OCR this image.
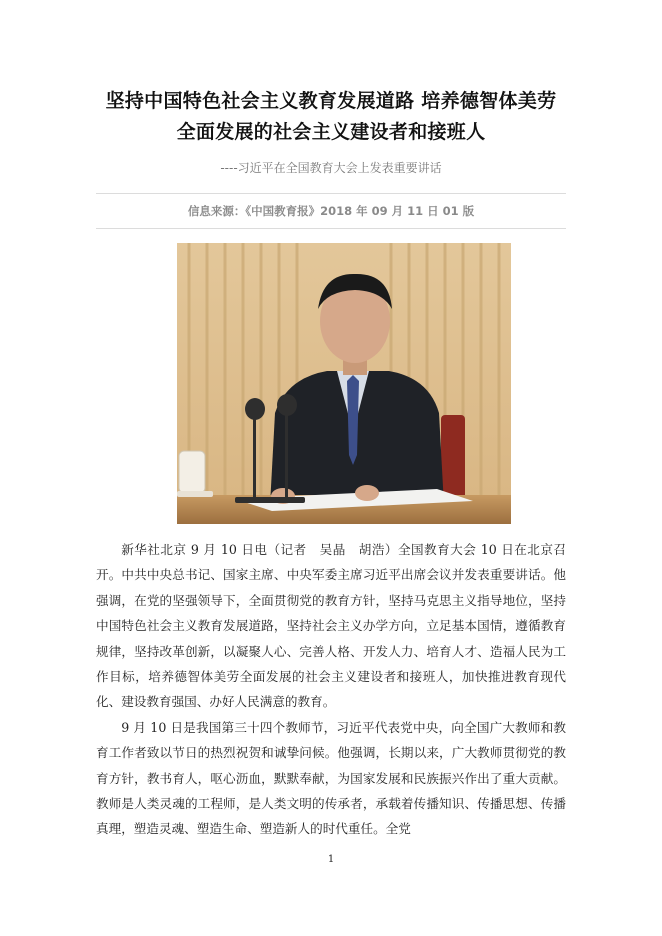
坚持中国特色社会主义教育发展道路 培养德智体美劳全面发展的社会主义建设者和接班人
----习近平在全国教育大会上发表重要讲话
信息来源：《中国教育报》2018 年 09 月 11 日 01 版

新华社北京 9 月 10 日电（记者　吴晶　胡浩）全国教育大会 10 日在北京召开。中共中央总书记、国家主席、中央军委主席习近平出席会议并发表重要讲话。他强调，在党的坚强领导下，全面贯彻党的教育方针，坚持马克思主义指导地位，坚持中国特色社会主义教育发展道路，坚持社会主义办学方向，立足基本国情，遵循教育规律，坚持改革创新，以凝聚人心、完善人格、开发人力、培育人才、造福人民为工作目标，培养德智体美劳全面发展的社会主义建设者和接班人，加快推进教育现代化、建设教育强国、办好人民满意的教育。

9 月 10 日是我国第三十四个教师节，习近平代表党中央，向全国广大教师和教育工作者致以节日的热烈祝贺和诚挚问候。他强调，长期以来，广大教师贯彻党的教育方针，教书育人，呕心沥血，默默奉献，为国家发展和民族振兴作出了重大贡献。教师是人类灵魂的工程师，是人类文明的传承者，承载着传播知识、传播思想、传播真理，塑造灵魂、塑造生命、塑造新人的时代重任。全党

1
